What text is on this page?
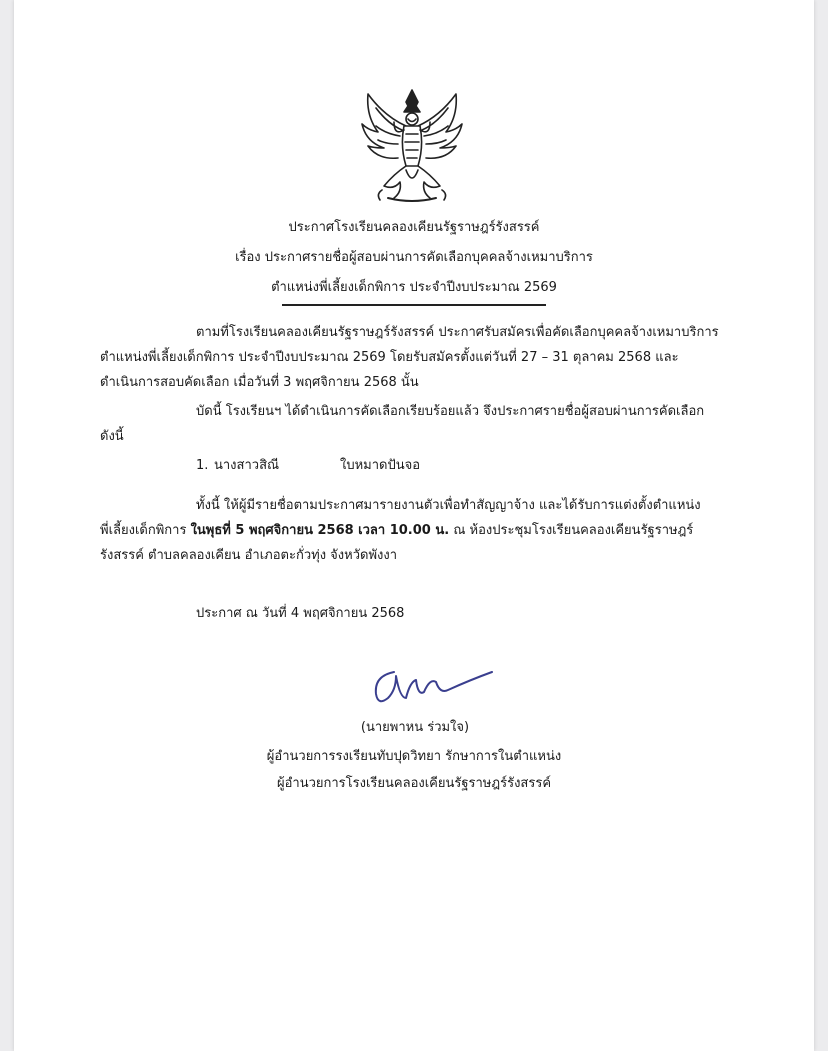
ประกาศโรงเรียนคลองเคียนรัฐราษฎร์รังสรรค์
เรื่อง ประกาศรายชื่อผู้สอบผ่านการคัดเลือกบุคคลจ้างเหมาบริการ
ตำแหน่งพี่เลี้ยงเด็กพิการ ประจำปีงบประมาณ 2569
ตามที่โรงเรียนคลองเคียนรัฐราษฎร์รังสรรค์ ประกาศรับสมัครเพื่อคัดเลือกบุคคลจ้างเหมาบริการ
ตำแหน่งพี่เลี้ยงเด็กพิการ ประจำปีงบประมาณ 2569 โดยรับสมัครตั้งแต่วันที่ 27 – 31 ตุลาคม 2568 และ
ดำเนินการสอบคัดเลือก เมื่อวันที่ 3 พฤศจิกายน 2568 นั้น
บัดนี้ โรงเรียนฯ ได้ดำเนินการคัดเลือกเรียบร้อยแล้ว จึงประกาศรายชื่อผู้สอบผ่านการคัดเลือก
ดังนี้
1. นางสาวสิณี	ใบหมาดปันจอ
ทั้งนี้ ให้ผู้มีรายชื่อตามประกาศมารายงานตัวเพื่อทำสัญญาจ้าง และได้รับการแต่งตั้งตำแหน่ง
พี่เลี้ยงเด็กพิการ ในพุธที่ 5 พฤศจิกายน 2568 เวลา 10.00 น. ณ ห้องประชุมโรงเรียนคลองเคียนรัฐราษฎร์
รังสรรค์ ตำบลคลองเคียน อำเภอตะกั่วทุ่ง จังหวัดพังงา
ประกาศ ณ วันที่ 4 พฤศจิกายน 2568
(นายพาหน ร่วมใจ)
ผู้อำนวยการรงเรียนทับปุดวิทยา รักษาการในตำแหน่ง
ผู้อำนวยการโรงเรียนคลองเคียนรัฐราษฎร์รังสรรค์
